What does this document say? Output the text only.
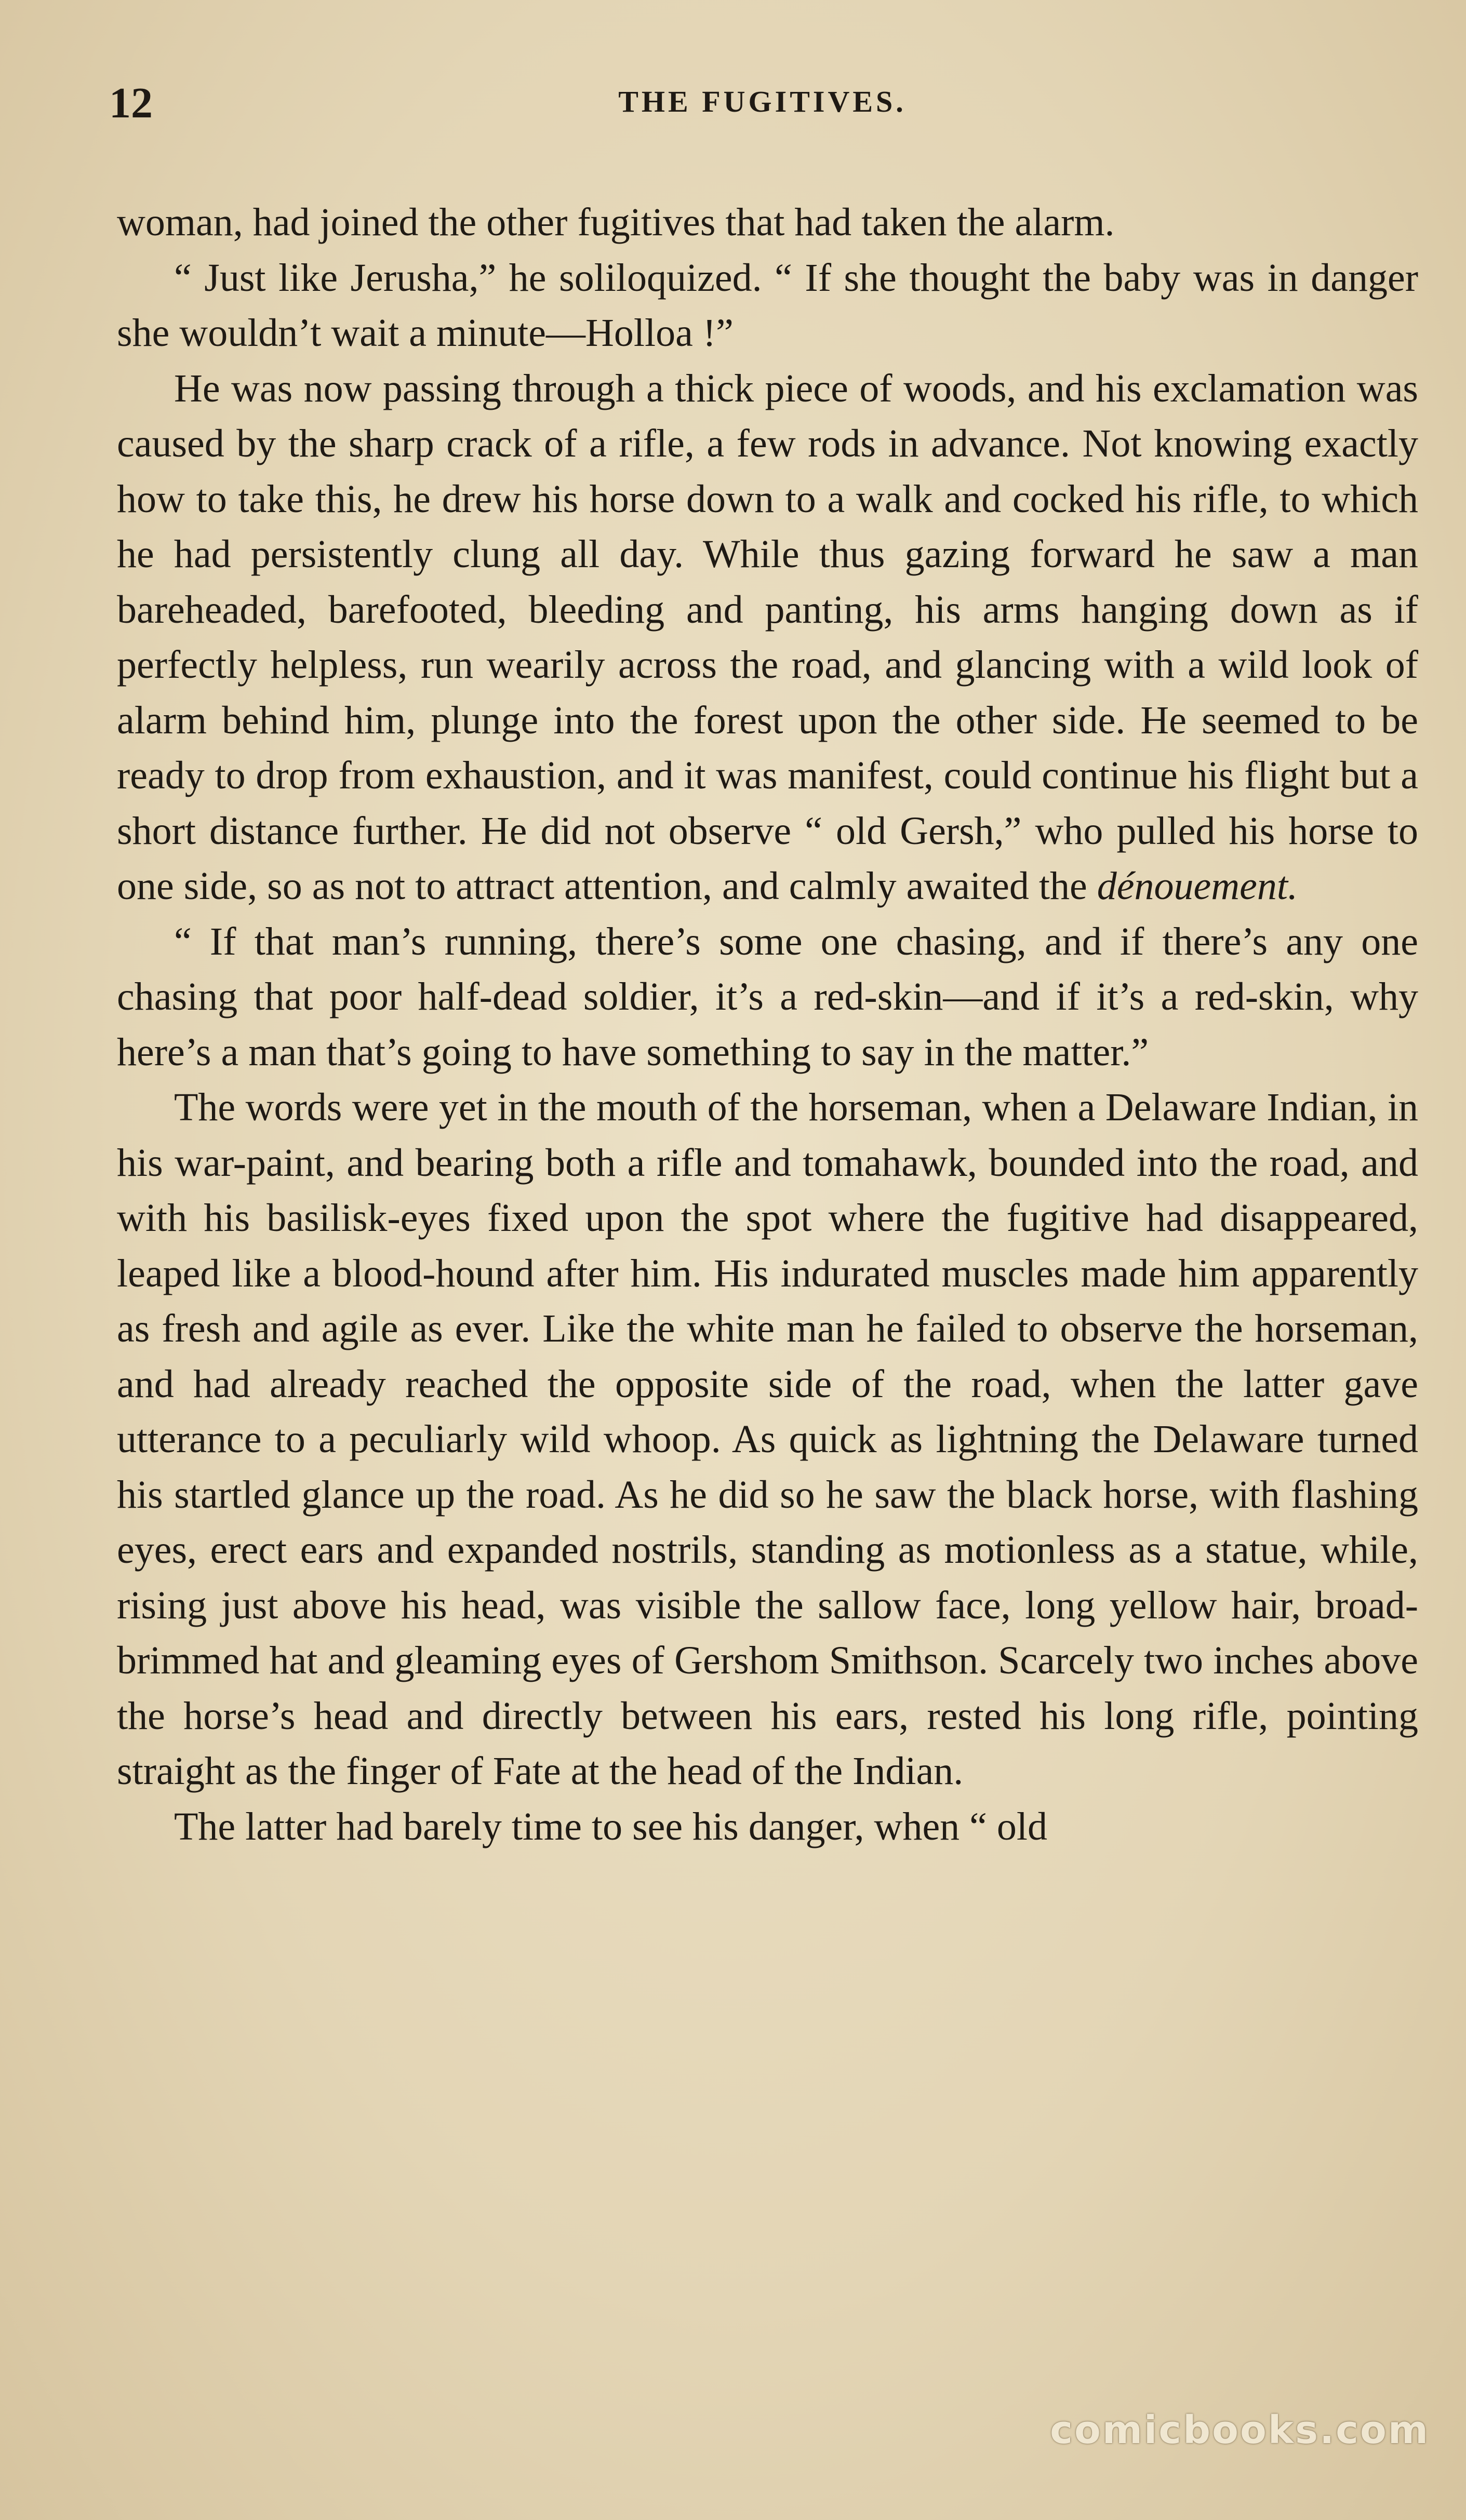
12	THE FUGITIVES.

woman, had joined the other fugitives that had taken the alarm.

“ Just like Jerusha,” he soliloquized. “ If she thought the baby was in danger she wouldn’t wait a minute—Holloa !”

He was now passing through a thick piece of woods, and his exclamation was caused by the sharp crack of a rifle, a few rods in advance. Not knowing exactly how to take this, he drew his horse down to a walk and cocked his rifle, to which he had persistently clung all day. While thus gazing forward he saw a man bareheaded, barefooted, bleeding and panting, his arms hanging down as if perfectly helpless, run wearily across the road, and glancing with a wild look of alarm behind him, plunge into the forest upon the other side. He seemed to be ready to drop from exhaustion, and it was manifest, could continue his flight but a short distance further. He did not observe “ old Gersh,” who pulled his horse to one side, so as not to attract attention, and calmly awaited the dénouement.

“ If that man’s running, there’s some one chasing, and if there’s any one chasing that poor half-dead soldier, it’s a red-skin—and if it’s a red-skin, why here’s a man that’s going to have something to say in the matter.”

The words were yet in the mouth of the horseman, when a Delaware Indian, in his war-paint, and bearing both a rifle and tomahawk, bounded into the road, and with his basilisk-eyes fixed upon the spot where the fugitive had disappeared, leaped like a blood-hound after him. His indurated muscles made him apparently as fresh and agile as ever. Like the white man he failed to observe the horseman, and had already reached the opposite side of the road, when the latter gave utterance to a peculiarly wild whoop. As quick as lightning the Delaware turned his startled glance up the road. As he did so he saw the black horse, with flashing eyes, erect ears and expanded nostrils, standing as motionless as a statue, while, rising just above his head, was visible the sallow face, long yellow hair, broad-brimmed hat and gleaming eyes of Gershom Smithson. Scarcely two inches above the horse’s head and directly between his ears, rested his long rifle, pointing straight as the finger of Fate at the head of the Indian.

The latter had barely time to see his danger, when “ old

comicbooks.com
